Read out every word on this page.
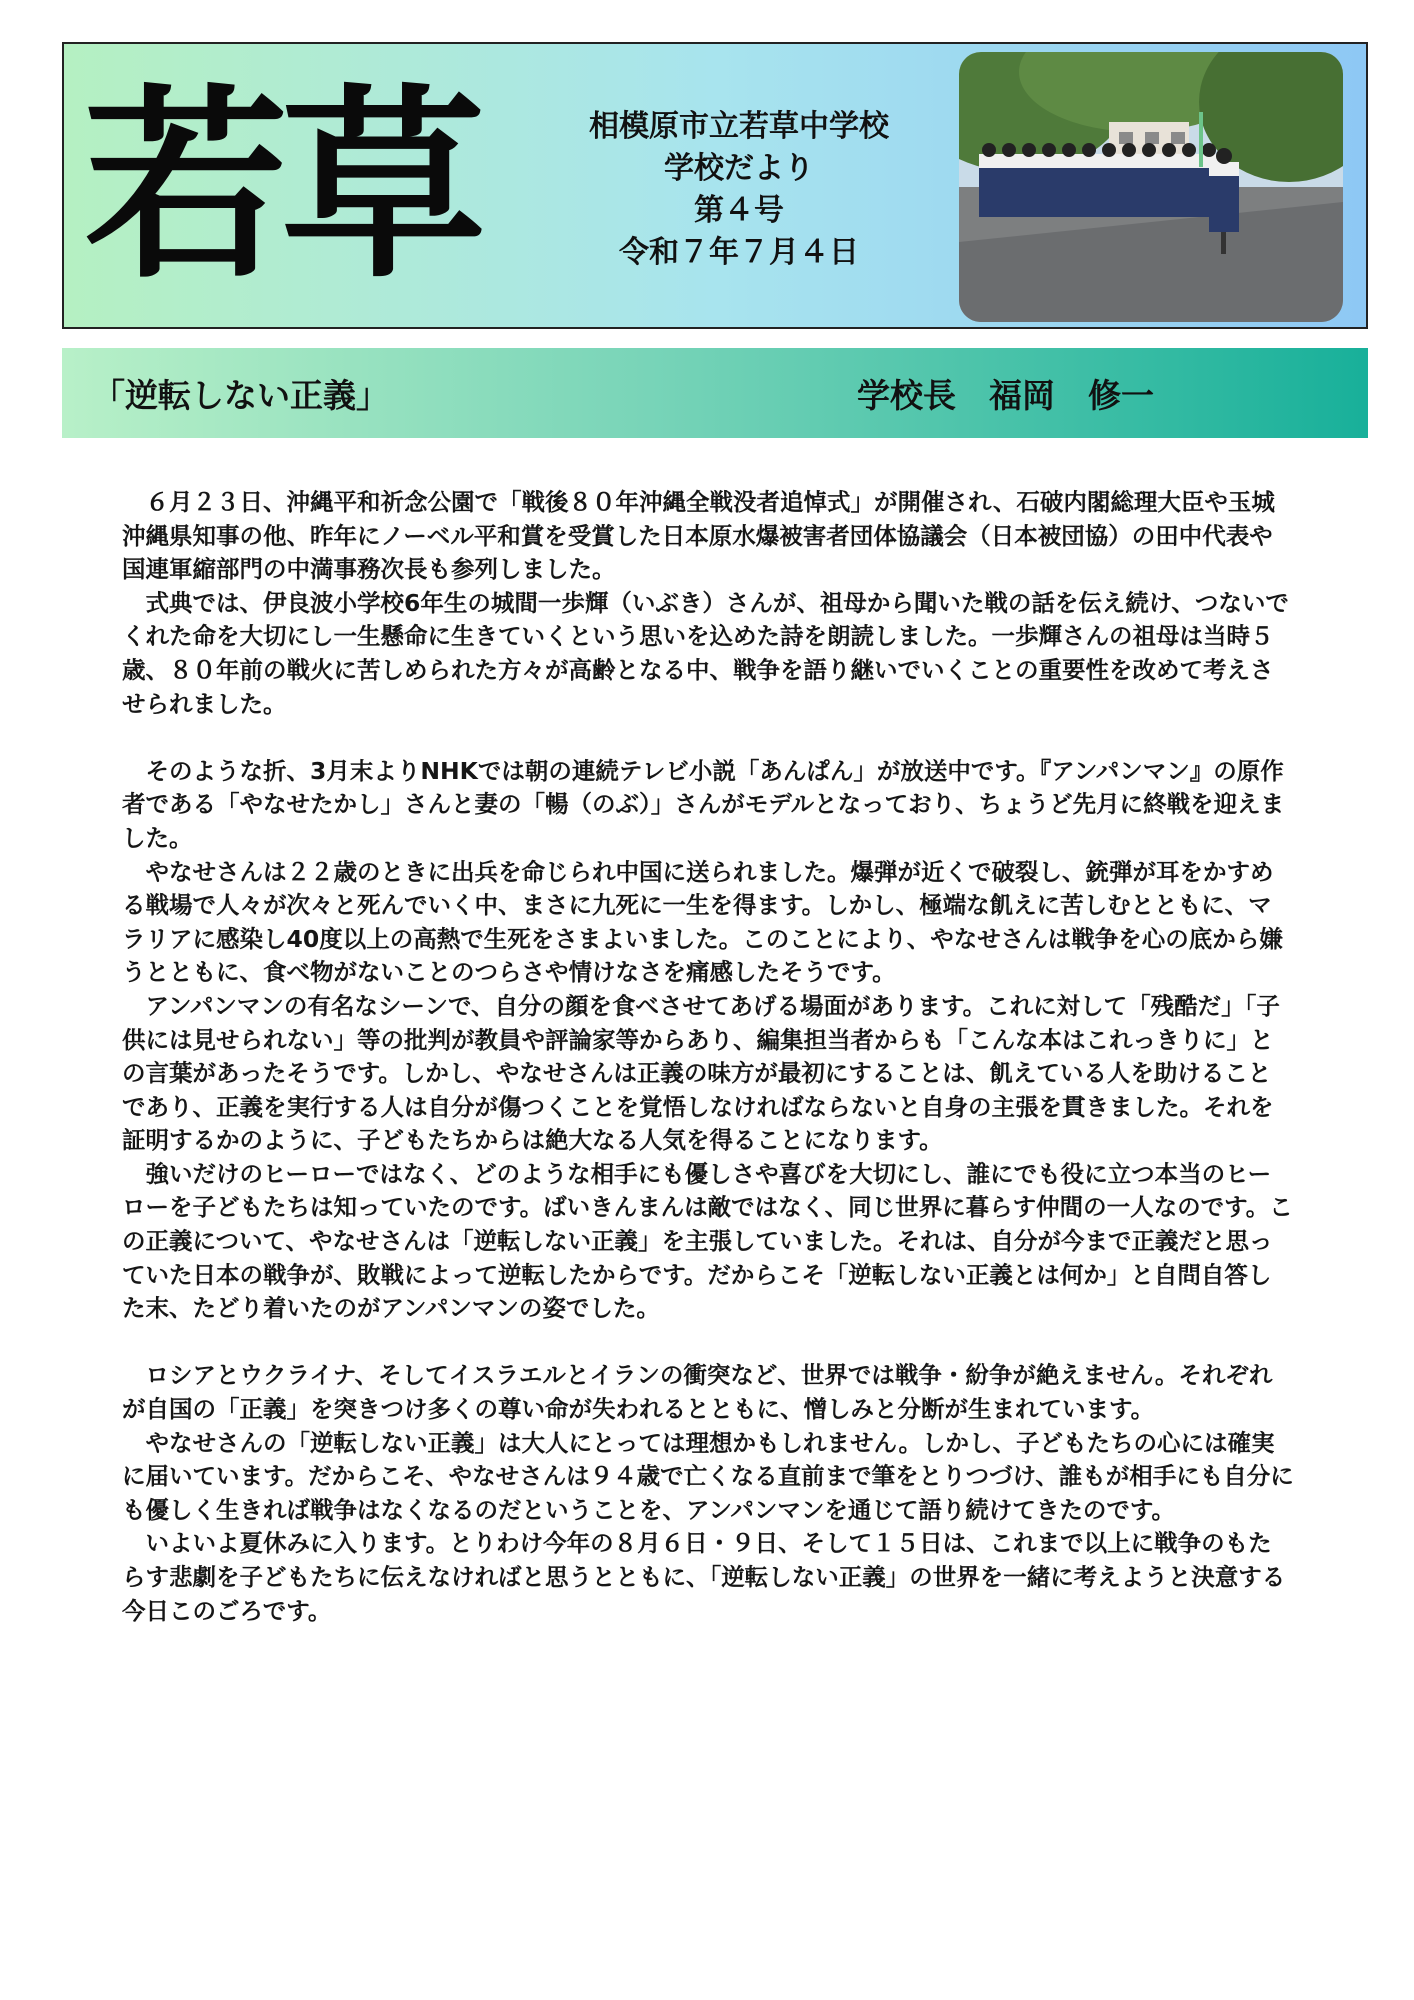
若草	相模原市立若草中学校
学校だより
第４号
令和７年７月４日
「逆転しない正義」	学校長　福岡　修一

６月２３日、沖縄平和祈念公園で「戦後８０年沖縄全戦没者追悼式」が開催され、石破内閣総理大臣や玉城沖縄県知事の他、昨年にノーベル平和賞を受賞した日本原水爆被害者団体協議会（日本被団協）の田中代表や国連軍縮部門の中満事務次長も参列しました。

式典では、伊良波小学校6年生の城間一歩輝（いぶき）さんが、祖母から聞いた戦の話を伝え続け、つないでくれた命を大切にし一生懸命に生きていくという思いを込めた詩を朗読しました。一歩輝さんの祖母は当時５歳、８０年前の戦火に苦しめられた方々が高齢となる中、戦争を語り継いでいくことの重要性を改めて考えさせられました。

そのような折、3月末よりNHKでは朝の連続テレビ小説「あんぱん」が放送中です。『アンパンマン』の原作者である「やなせたかし」さんと妻の「暢（のぶ）」さんがモデルとなっており、ちょうど先月に終戦を迎えました。

やなせさんは２２歳のときに出兵を命じられ中国に送られました。爆弾が近くで破裂し、銃弾が耳をかすめる戦場で人々が次々と死んでいく中、まさに九死に一生を得ます。しかし、極端な飢えに苦しむとともに、マラリアに感染し40度以上の高熱で生死をさまよいました。このことにより、やなせさんは戦争を心の底から嫌うとともに、食べ物がないことのつらさや情けなさを痛感したそうです。

アンパンマンの有名なシーンで、自分の顔を食べさせてあげる場面があります。これに対して「残酷だ」「子供には見せられない」等の批判が教員や評論家等からあり、編集担当者からも「こんな本はこれっきりに」との言葉があったそうです。しかし、やなせさんは正義の味方が最初にすることは、飢えている人を助けることであり、正義を実行する人は自分が傷つくことを覚悟しなければならないと自身の主張を貫きました。それを証明するかのように、子どもたちからは絶大なる人気を得ることになります。

強いだけのヒーローではなく、どのような相手にも優しさや喜びを大切にし、誰にでも役に立つ本当のヒーローを子どもたちは知っていたのです。ばいきんまんは敵ではなく、同じ世界に暮らす仲間の一人なのです。この正義について、やなせさんは「逆転しない正義」を主張していました。それは、自分が今まで正義だと思っていた日本の戦争が、敗戦によって逆転したからです。だからこそ「逆転しない正義とは何か」と自問自答した末、たどり着いたのがアンパンマンの姿でした。

ロシアとウクライナ、そしてイスラエルとイランの衝突など、世界では戦争・紛争が絶えません。それぞれが自国の「正義」を突きつけ多くの尊い命が失われるとともに、憎しみと分断が生まれています。

やなせさんの「逆転しない正義」は大人にとっては理想かもしれません。しかし、子どもたちの心には確実に届いています。だからこそ、やなせさんは９４歳で亡くなる直前まで筆をとりつづけ、誰もが相手にも自分にも優しく生きれば戦争はなくなるのだということを、アンパンマンを通じて語り続けてきたのです。

いよいよ夏休みに入ります。とりわけ今年の８月６日・９日、そして１５日は、これまで以上に戦争のもたらす悲劇を子どもたちに伝えなければと思うとともに、「逆転しない正義」の世界を一緒に考えようと決意する今日このごろです。
